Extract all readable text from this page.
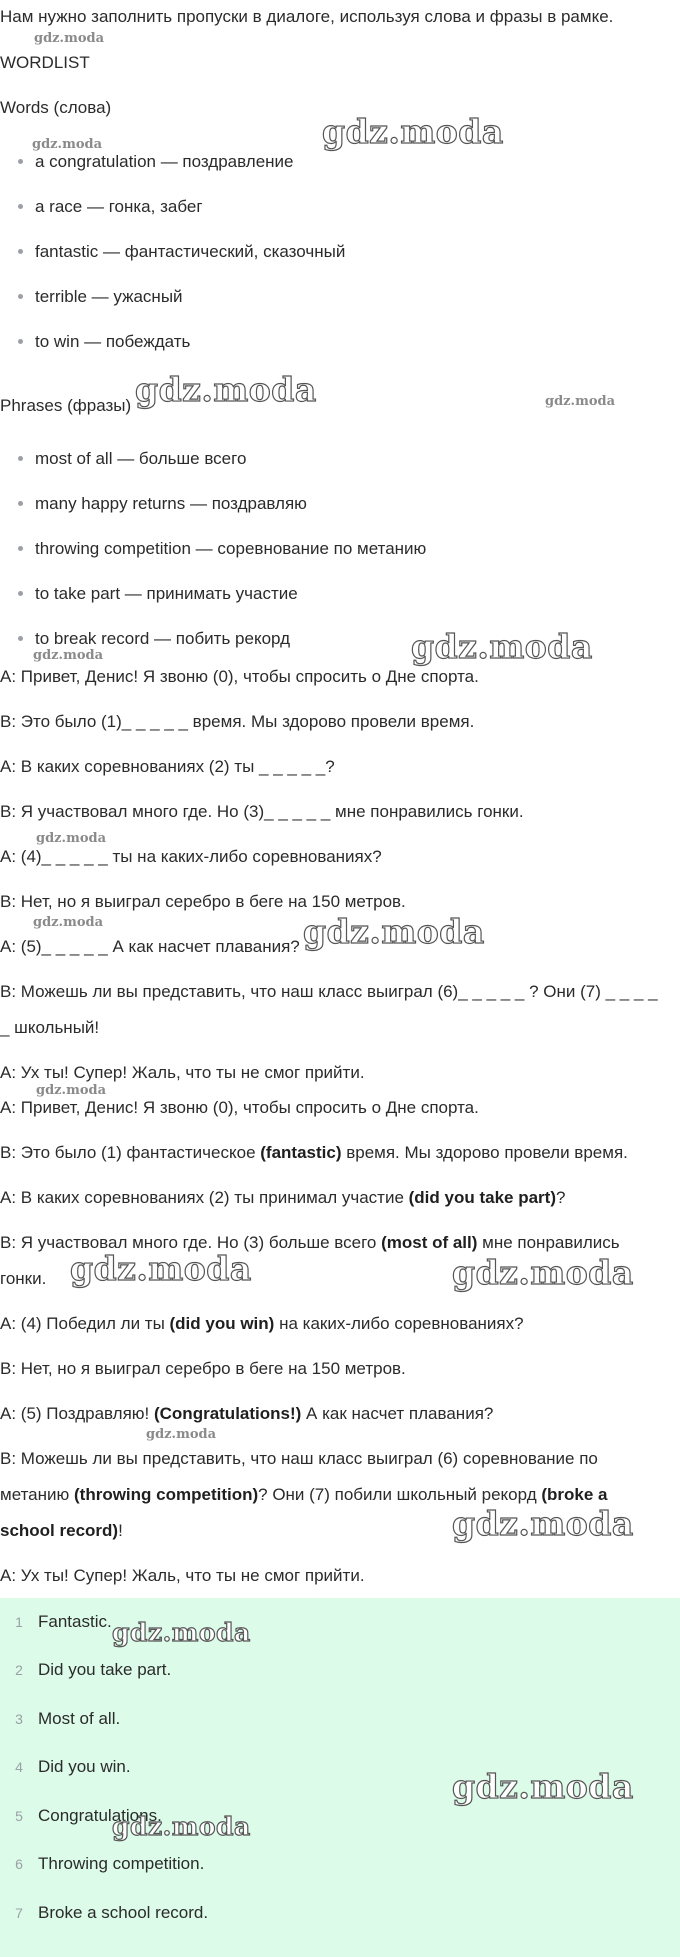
Нам нужно заполнить пропуски в диалоге, используя слова и фразы в рамке.
WORDLIST
Words (слова)
a congratulation — поздравление
a race — гонка, забег
fantastic — фантастический, сказочный
terrible — ужасный
to win — побеждать
Phrases (фразы)
most of all — больше всего
many happy returns — поздравляю
throwing competition — соревнование по метанию
to take part — принимать участие
to break record — побить рекорд
A: Привет, Денис! Я звоню (0), чтобы спросить о Дне спорта.
B: Это было (1)_ _ _ _ _ время. Мы здорово провели время.
A: В каких соревнованиях (2) ты _ _ _ _ _?
B: Я участвовал много где. Но (3)_ _ _ _ _ мне понравились гонки.
A: (4)_ _ _ _ _ ты на каких-либо соревнованиях?
B: Нет, но я выиграл серебро в беге на 150 метров.
A: (5)_ _ _ _ _ А как насчет плавания?
B: Можешь ли вы представить, что наш класс выиграл (6)_ _ _ _ _ ? Они (7) _ _ _ _
_ школьный!
A: Ух ты! Супер! Жаль, что ты не смог прийти.
A: Привет, Денис! Я звоню (0), чтобы спросить о Дне спорта.
B: Это было (1) фантастическое (fantastic) время. Мы здорово провели время.
A: В каких соревнованиях (2) ты принимал участие (did you take part)?
B: Я участвовал много где. Но (3) больше всего (most of all) мне понравились
гонки.
A: (4) Победил ли ты (did you win) на каких-либо соревнованиях?
B: Нет, но я выиграл серебро в беге на 150 метров.
A: (5) Поздравляю! (Congratulations!) А как насчет плавания?
B: Можешь ли вы представить, что наш класс выиграл (6) соревнование по
метанию (throwing competition)? Они (7) побили школьный рекорд (broke a
school record)!
A: Ух ты! Супер! Жаль, что ты не смог прийти.
1 Fantastic.
2 Did you take part.
3 Most of all.
4 Did you win.
5 Congratulations.
6 Throwing competition.
7 Broke a school record.
gdz.moda
gdz.moda	gdz.moda
gdz.moda	gdz.moda
gdz.moda	gdz.moda
gdz.moda
gdz.moda	gdz.moda
gdz.moda
gdz.moda	gdz.moda
gdz.moda
gdz.moda
gdz.moda
gdz.moda
gdz.moda
